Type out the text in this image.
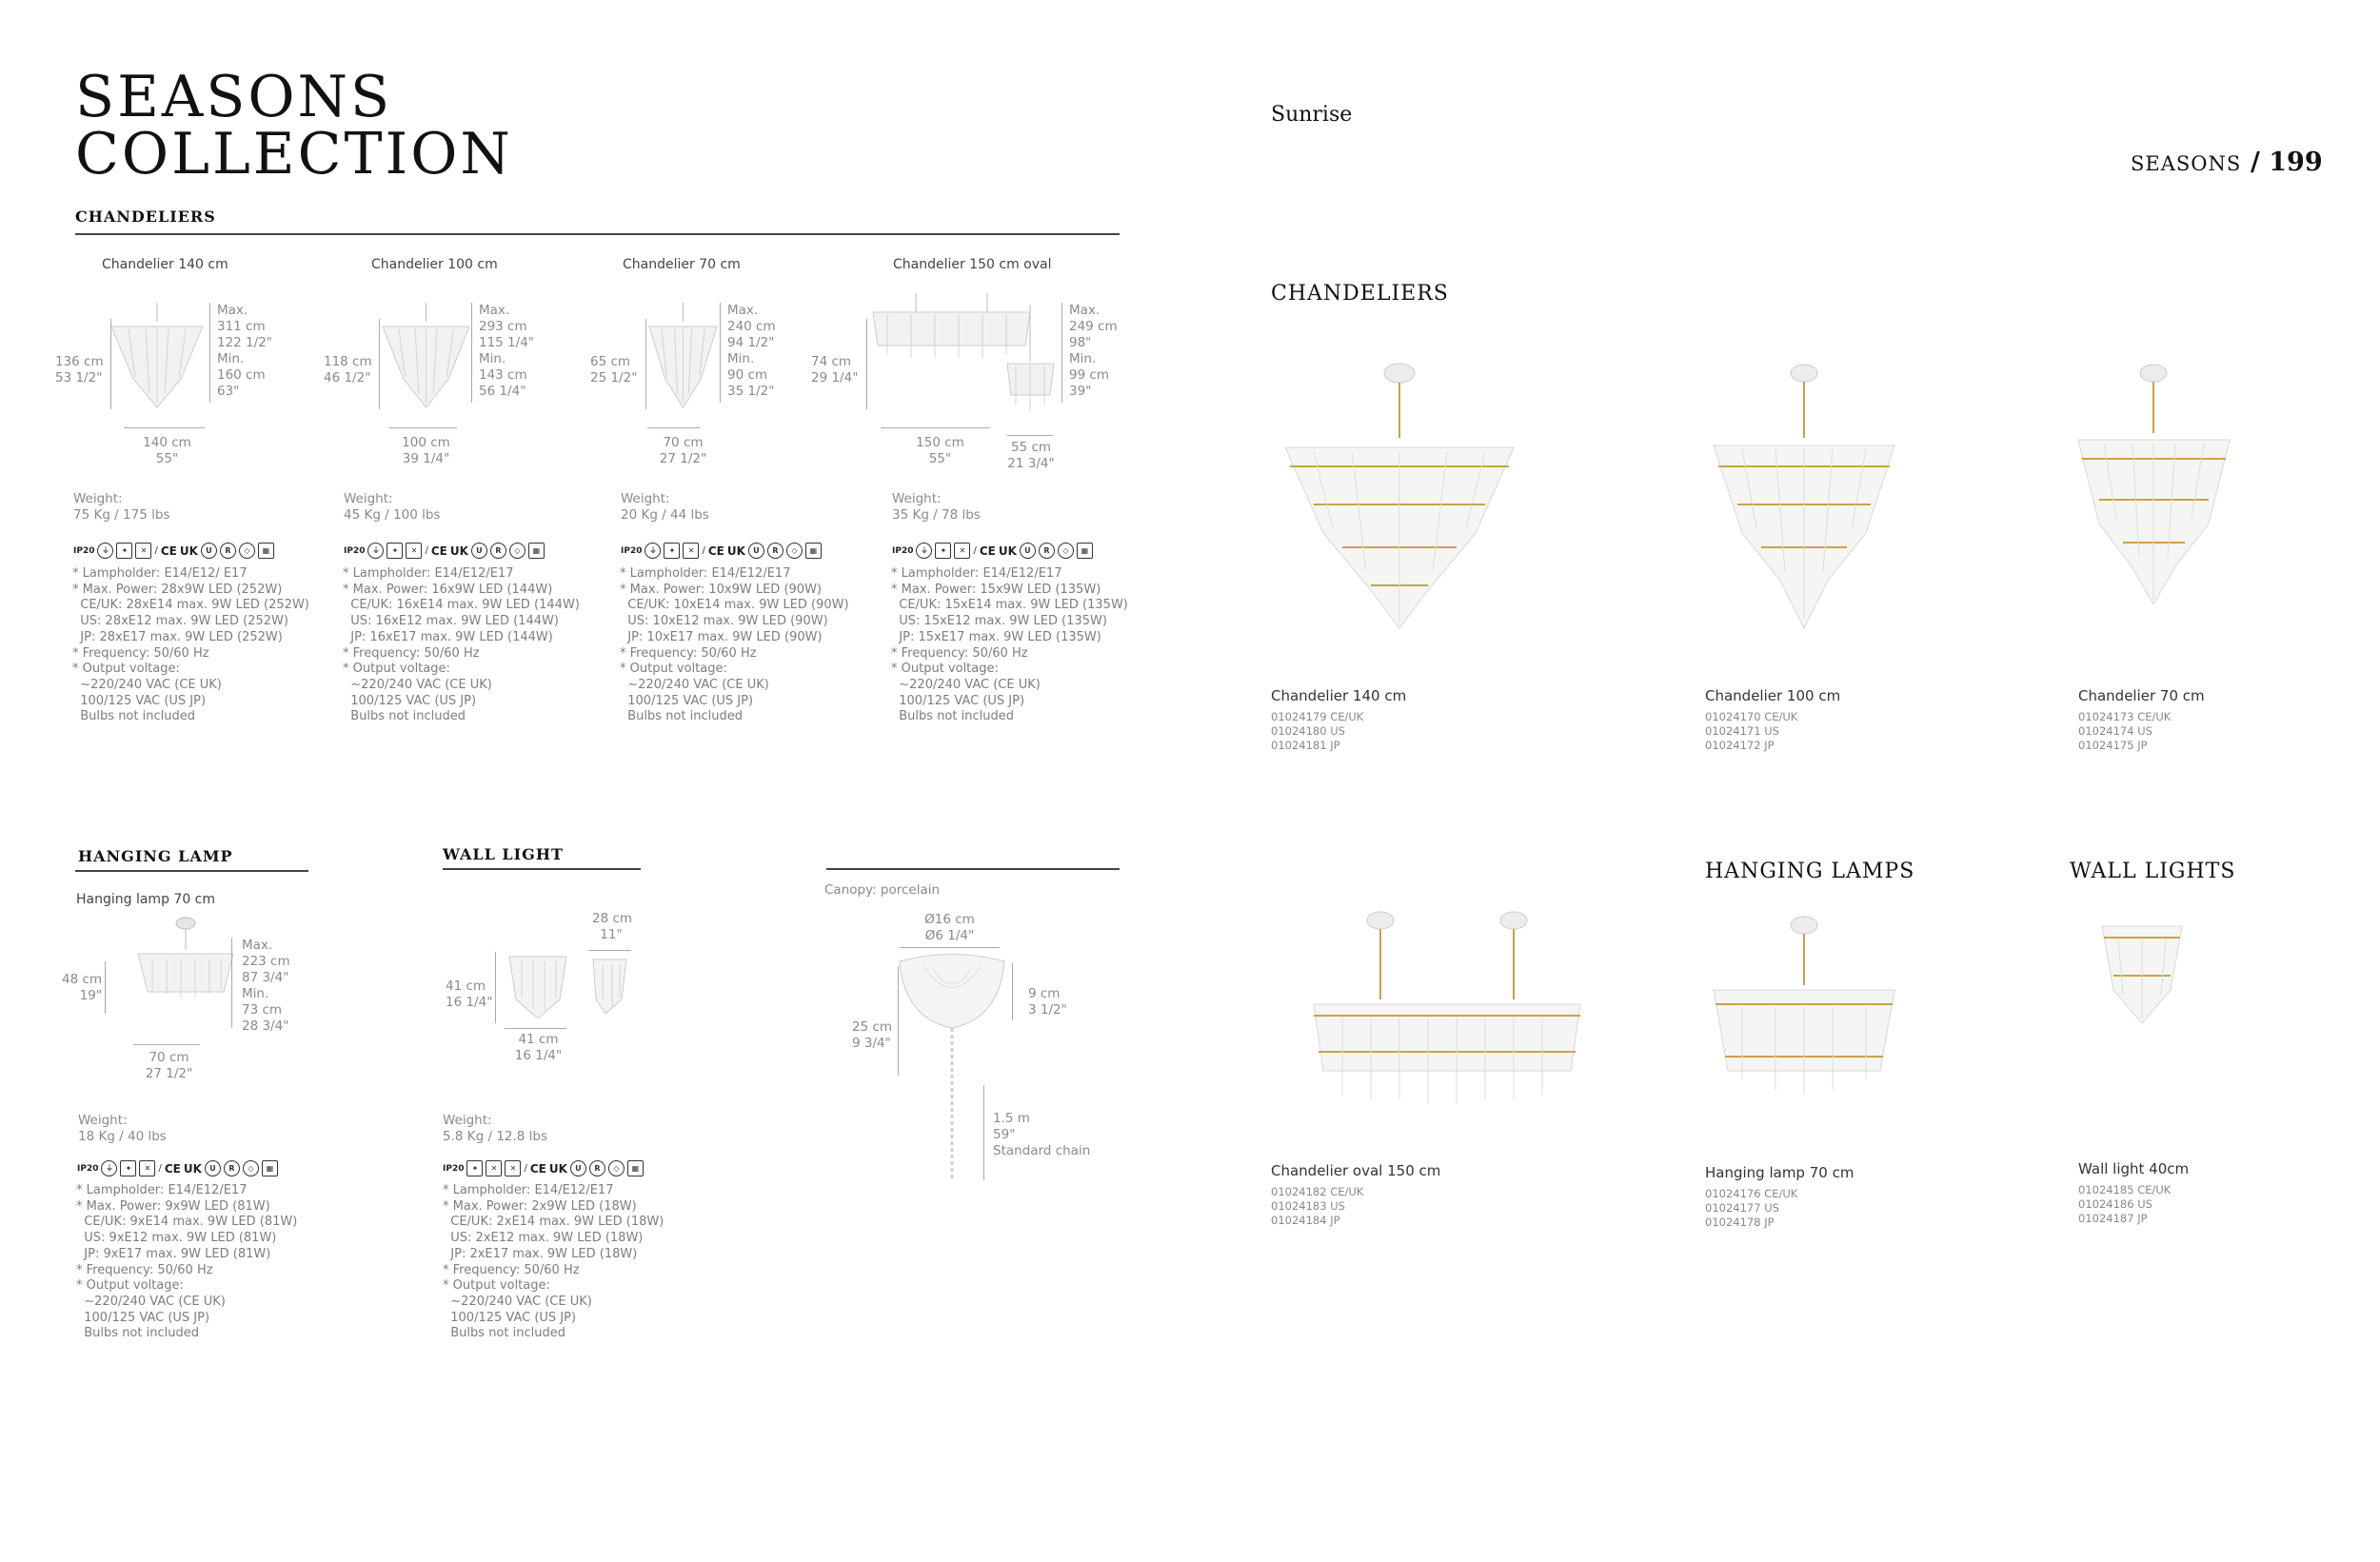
SEASONS
COLLECTION
CHANDELIERS
Chandelier 140 cm
136 cm
53 1/2"
Max.
311 cm
122 1/2"
Min.
160 cm
63"
140 cm
55"
Weight:
75 Kg / 175 lbs
IP20 ⏚	✦	✕ / CE UK	U	R	◇	▦
* Lampholder: E14/E12/ E17
* Max. Power: 28x9W LED (252W)
CE/UK: 28xE14 max. 9W LED (252W)
US: 28xE12 max. 9W LED (252W)
JP: 28xE17 max. 9W LED (252W)
* Frequency: 50/60 Hz
* Output voltage:
~220/240 VAC (CE UK)
100/125 VAC (US JP)
Bulbs not included
Chandelier 100 cm
118 cm
46 1/2"
Max.
293 cm
115 1/4"
Min.
143 cm
56 1/4"
100 cm
39 1/4"
Weight:
45 Kg / 100 lbs
IP20 ⏚	✦	✕ / CE UK	U	R	◇	▦
* Lampholder: E14/E12/E17
* Max. Power: 16x9W LED (144W)
CE/UK: 16xE14 max. 9W LED (144W)
US: 16xE12 max. 9W LED (144W)
JP: 16xE17 max. 9W LED (144W)
* Frequency: 50/60 Hz
* Output voltage:
~220/240 VAC (CE UK)
100/125 VAC (US JP)
Bulbs not included
Chandelier 70 cm
65 cm
25 1/2"
Max.
240 cm
94 1/2"
Min.
90 cm
35 1/2"
70 cm
27 1/2"
Weight:
20 Kg / 44 lbs
IP20 ⏚	✦	✕ / CE UK	U	R	◇	▦
* Lampholder: E14/E12/E17
* Max. Power: 10x9W LED (90W)
CE/UK: 10xE14 max. 9W LED (90W)
US: 10xE12 max. 9W LED (90W)
JP: 10xE17 max. 9W LED (90W)
* Frequency: 50/60 Hz
* Output voltage:
~220/240 VAC (CE UK)
100/125 VAC (US JP)
Bulbs not included
Chandelier 150 cm oval
55 cm
21 3/4"
74 cm
29 1/4"
Max.
249 cm
98"
Min.
99 cm
39"
150 cm
55"
Weight:
35 Kg / 78 lbs
IP20 ⏚	✦	✕ / CE UK	U	R	◇	▦
* Lampholder: E14/E12/E17
* Max. Power: 15x9W LED (135W)
CE/UK: 15xE14 max. 9W LED (135W)
US: 15xE12 max. 9W LED (135W)
JP: 15xE17 max. 9W LED (135W)
* Frequency: 50/60 Hz
* Output voltage:
~220/240 VAC (CE UK)
100/125 VAC (US JP)
Bulbs not included
HANGING LAMP	WALL LIGHT
Hanging lamp 70 cm
48 cm
19"
Max.
223 cm
87 3/4"
Min.
73 cm
28 3/4"
70 cm
27 1/2"
Weight:
18 Kg / 40 lbs
IP20 ⏚	✦	✕ / CE UK	U	R	◇	▦
* Lampholder: E14/E12/E17
* Max. Power: 9x9W LED (81W)
CE/UK: 9xE14 max. 9W LED (81W)
US: 9xE12 max. 9W LED (81W)
JP: 9xE17 max. 9W LED (81W)
* Frequency: 50/60 Hz
* Output voltage:
~220/240 VAC (CE UK)
100/125 VAC (US JP)
Bulbs not included
41 cm
16 1/4"
41 cm
16 1/4"
28 cm
11"
Weight:
5.8 Kg / 12.8 lbs
IP20	✦	✕	✕ / CE UK	U	R	◇	▦
* Lampholder: E14/E12/E17
* Max. Power: 2x9W LED (18W)
CE/UK: 2xE14 max. 9W LED (18W)
US: 2xE12 max. 9W LED (18W)
JP: 2xE17 max. 9W LED (18W)
* Frequency: 50/60 Hz
* Output voltage:
~220/240 VAC (CE UK)
100/125 VAC (US JP)
Bulbs not included
Canopy: porcelain
Ø16 cm
Ø6 1/4"
9 cm
3 1/2"
25 cm
9 3/4"
1.5 m
59"
Standard chain
Sunrise
SEASONS / 199
CHANDELIERS
HANGING LAMPS	WALL LIGHTS
Chandelier 140 cm
01024179 CE/UK
01024180 US
01024181 JP
Chandelier 100 cm
01024170 CE/UK
01024171 US
01024172 JP
Chandelier 70 cm
01024173 CE/UK
01024174 US
01024175 JP
Chandelier oval 150 cm
01024182 CE/UK
01024183 US
01024184 JP
Hanging lamp 70 cm
01024176 CE/UK
01024177 US
01024178 JP
Wall light 40cm
01024185 CE/UK
01024186 US
01024187 JP
